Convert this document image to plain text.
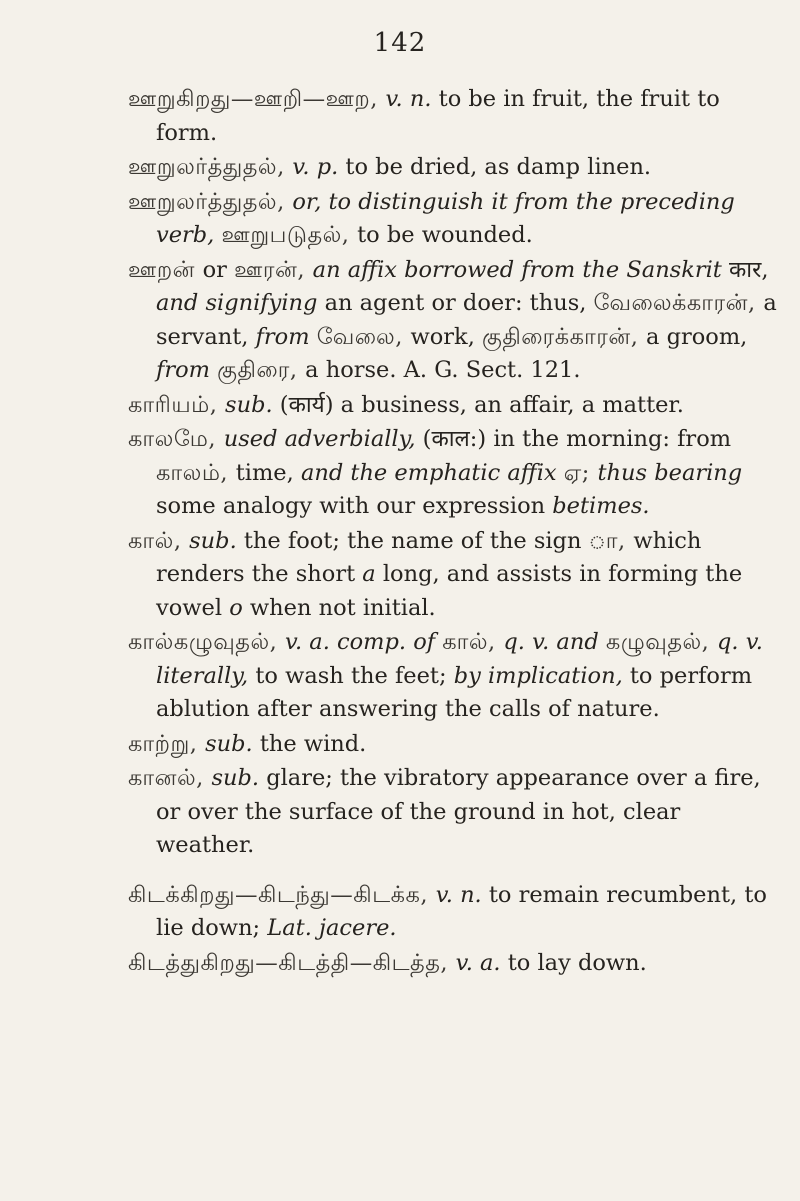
142

ஊறுகிறது—ஊறி—ஊற, v. n. to be in fruit, the fruit to form.

ஊறுலர்த்துதல், v. p. to be dried, as damp linen.

ஊறுலர்த்துதல், or, to distinguish it from the preceding verb, ஊறுபடுதல், to be wounded.

ஊறன் or ஊரன், an affix borrowed from the Sanskrit कार, and signifying an agent or doer: thus, வேலைக்காரன், a servant, from வேலை, work, குதிரைக்காரன், a groom, from குதிரை, a horse. A. G. Sect. 121.

காரியம், sub. (कार्य) a business, an affair, a matter.

காலமே, used adverbially, (काल:) in the morning: from காலம், time, and the emphatic affix ஏ; thus bearing some analogy with our expression betimes.

கால், sub. the foot; the name of the sign ா, which renders the short a long, and assists in forming the vowel o when not initial.

கால்கழுவுதல், v. a. comp. of கால், q. v. and கழுவுதல், q. v. literally, to wash the feet; by implication, to perform ablution after answering the calls of nature.

காற்று, sub. the wind.

கானல், sub. glare; the vibratory appearance over a fire, or over the surface of the ground in hot, clear weather.

கிடக்கிறது—கிடந்து—கிடக்க, v. n. to remain recumbent, to lie down; Lat. jacere.

கிடத்துகிறது—கிடத்தி—கிடத்த, v. a. to lay down.
